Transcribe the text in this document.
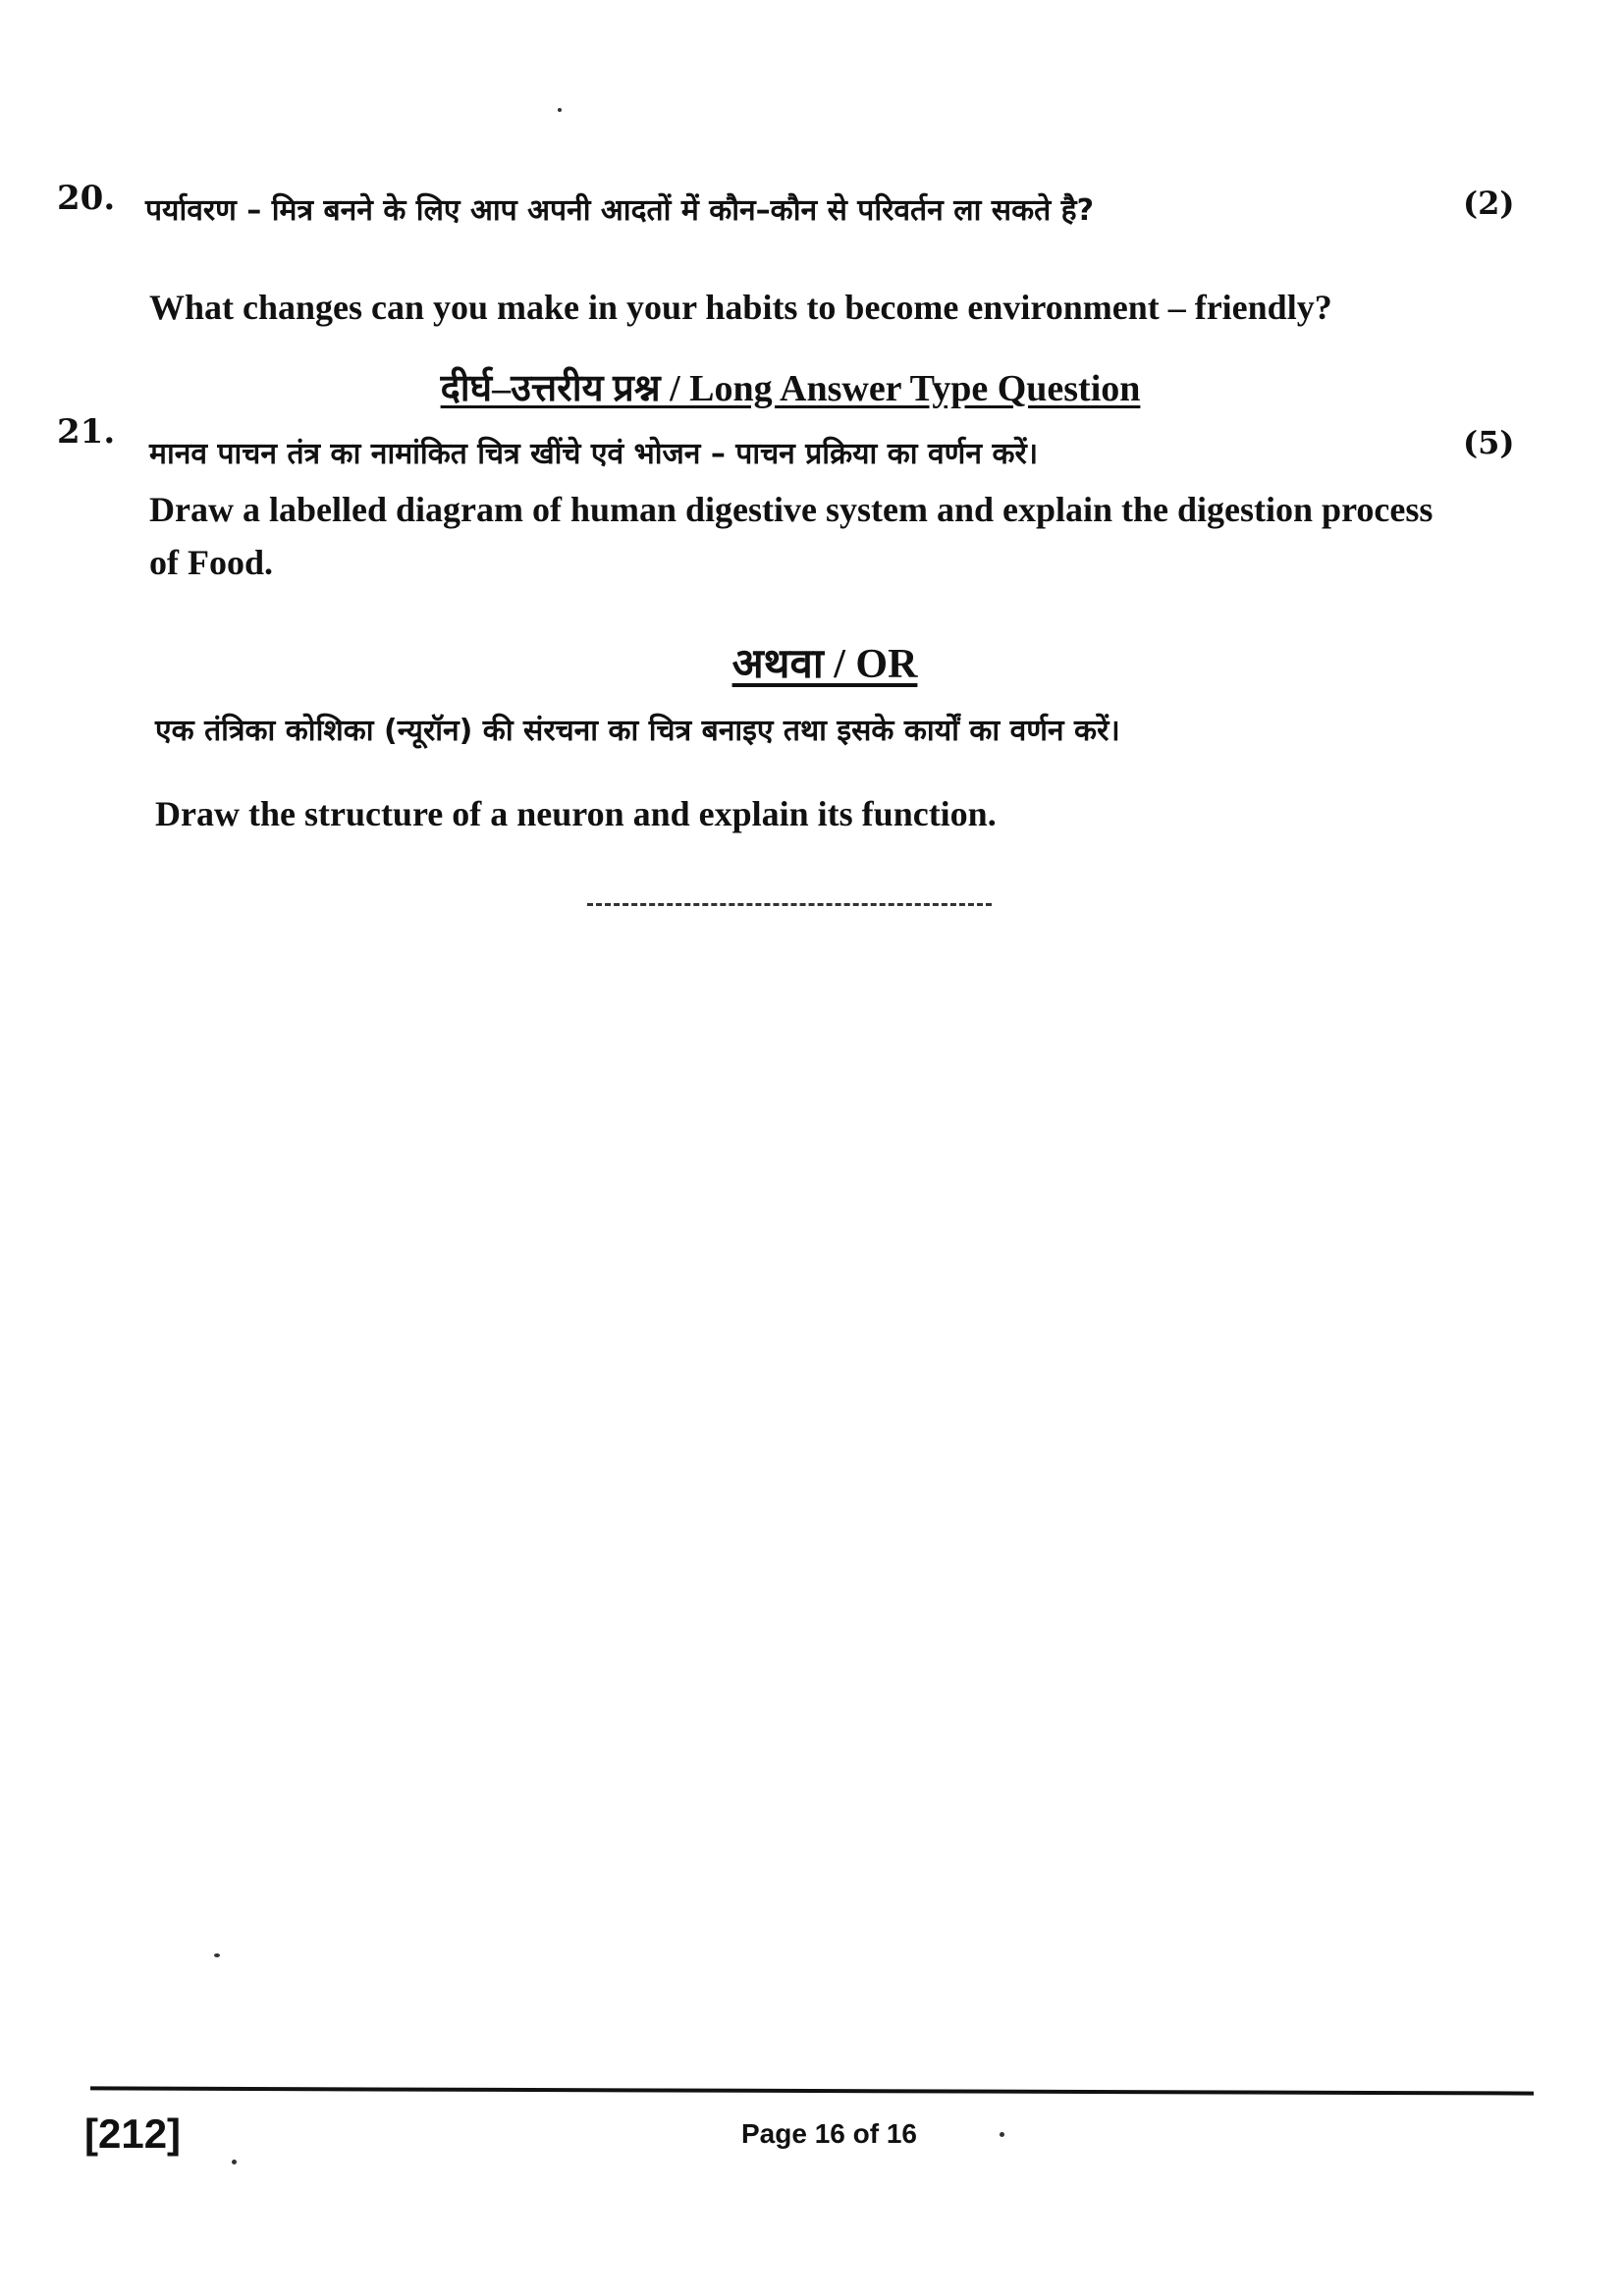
20. पर्यावरण – मित्र बनने के लिए आप अपनी आदतों में कौन–कौन से परिवर्तन ला सकते है?	(2)
What changes can you make in your habits to become environment – friendly?
दीर्घ–उत्तरीय प्रश्न / Long Answer Type Question
21.
मानव पाचन तंत्र का नामांकित चित्र खींचे एवं भोजन – पाचन प्रक्रिया का वर्णन करें।	(5)
Draw a labelled diagram of human digestive system and explain the digestion process
of Food.
अथवा / OR
एक तंत्रिका कोशिका (न्यूरॉन) की संरचना का चित्र बनाइए तथा इसके कार्यों का वर्णन करें।
Draw the structure of a neuron and explain its function.
[212]	Page 16 of 16
